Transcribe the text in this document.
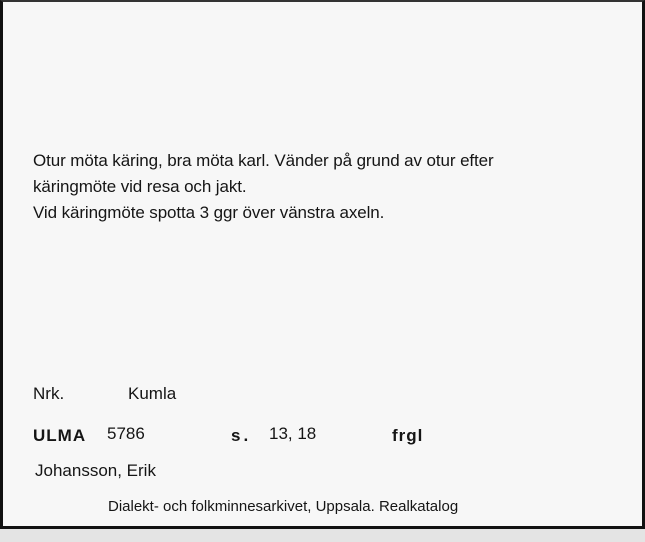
Otur möta käring, bra möta karl. Vänder på grund av otur efter
käringmöte vid resa och jakt.
Vid käringmöte spotta 3 ggr över vänstra axeln.
Nrk.	Kumla
ULMA 5786	s. 13, 18	frgl
Johansson, Erik
Dialekt- och folkminnesarkivet, Uppsala. Realkatalog
